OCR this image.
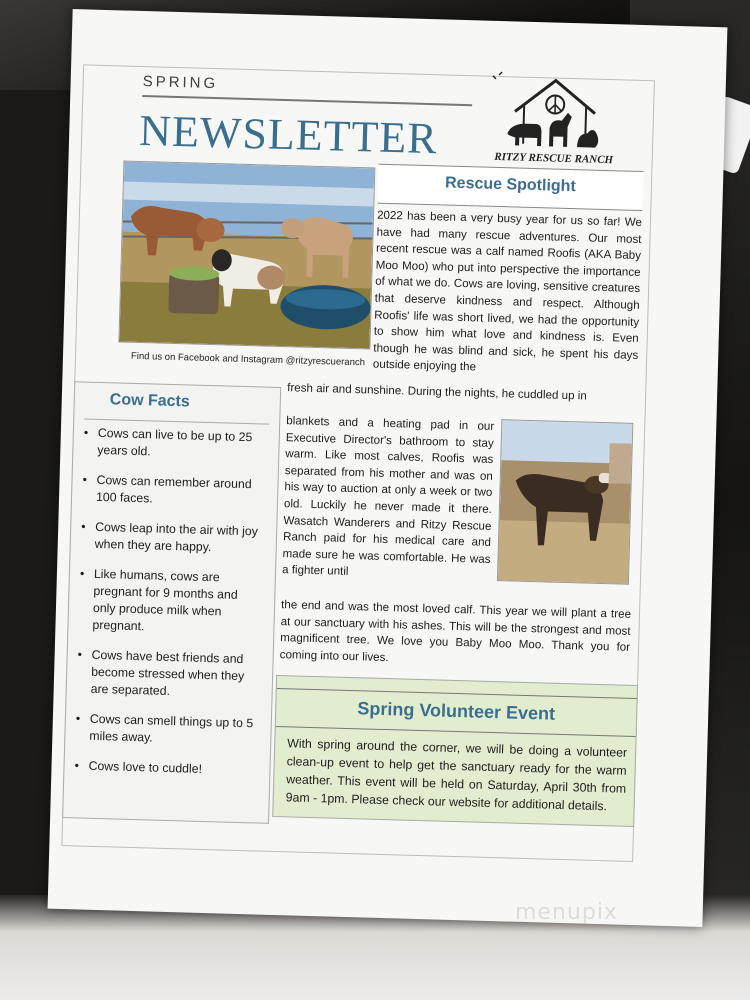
SPRING
NEWSLETTER	RITZY RESCUE RANCH
Find us on Facebook and Instagram @ritzyrescueranch
Rescue Spotlight
2022 has been a very busy year for us so far! We have had many rescue adventures. Our most recent rescue was a calf named Roofis (AKA Baby Moo Moo) who put into perspective the importance of what we do. Cows are loving, sensitive creatures that deserve kindness and respect. Although Roofis' life was short lived, we had the opportunity to show him what love and kindness is. Even though he was blind and sick, he spent his days outside enjoying the
fresh air and sunshine. During the nights, he cuddled up in
blankets and a heating pad in our Executive Director's bathroom to stay warm. Like most calves, Roofis was separated from his mother and was on his way to auction at only a week or two old. Luckily he never made it there. Wasatch Wanderers and Ritzy Rescue Ranch paid for his medical care and made sure he was comfortable. He was a fighter until
the end and was the most loved calf. This year we will plant a tree at our sanctuary with his ashes. This will be the strongest and most magnificent tree. We love you Baby Moo Moo. Thank you for coming into our lives.
Cow Facts
• Cows can live to be up to 25 years old.
• Cows can remember around 100 faces.
• Cows leap into the air with joy when they are happy.
• Like humans, cows are pregnant for 9 months and only produce milk when pregnant.
• Cows have best friends and become stressed when they are separated.
• Cows can smell things up to 5 miles away.
• Cows love to cuddle!
Spring Volunteer Event
With spring around the corner, we will be doing a volunteer clean-up event to help get the sanctuary ready for the warm weather. This event will be held on Saturday, April 30th from 9am - 1pm. Please check our website for additional details.
menupix
